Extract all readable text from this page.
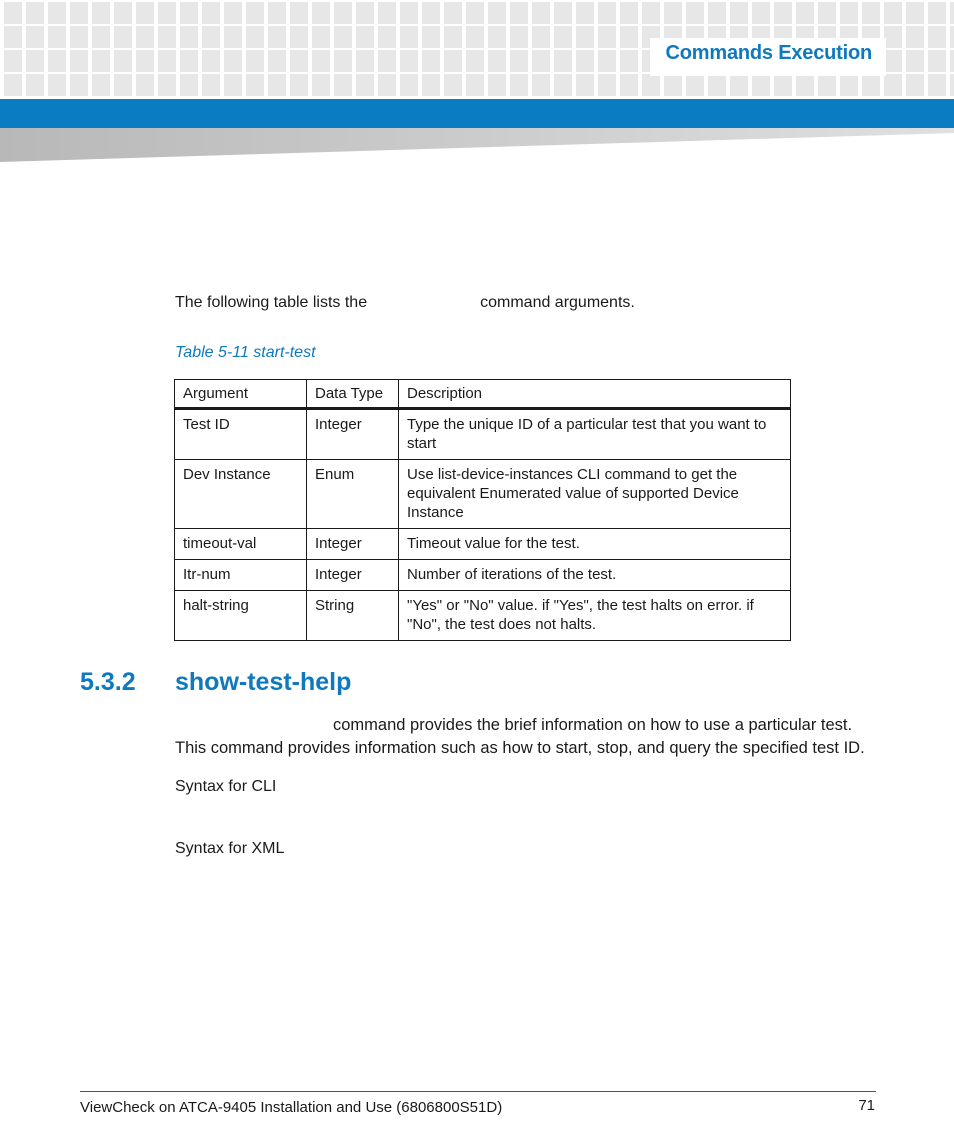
Commands Execution
The following table lists the	command arguments.
Table 5-11 start-test
Argument	Data Type	Description
Test ID	Integer	Type the unique ID of a particular test that you want to start
Dev Instance	Enum	Use list-device-instances CLI command to get the equivalent Enumerated value of supported Device Instance
timeout-val	Integer	Timeout value for the test.
Itr-num	Integer	Number of iterations of the test.
halt-string	String	"Yes" or "No" value. if "Yes", the test halts on error. if "No", the test does not halts.
5.3.2 show-test-help
command provides the brief information on how to use a particular test.
This command provides information such as how to start, stop, and query the specified test ID.
Syntax for CLI
Syntax for XML
ViewCheck on ATCA-9405 Installation and Use (6806800S51D)	71
